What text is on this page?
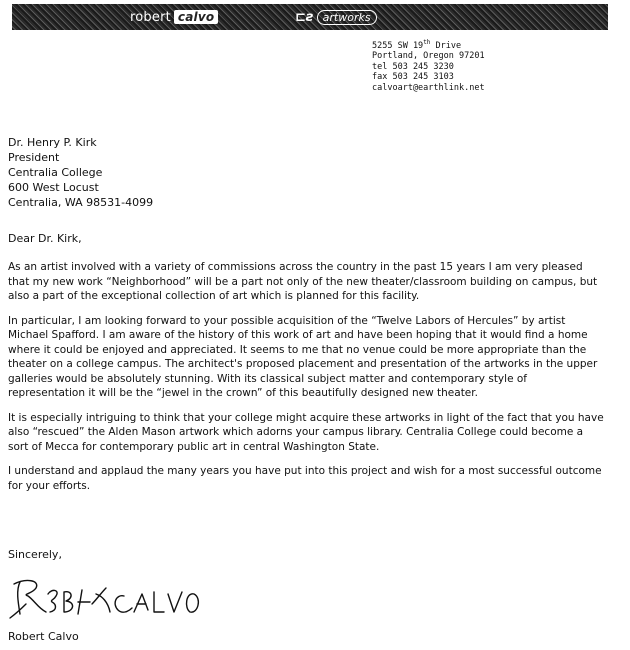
robert calvo	⊏ƨ artworks
5255 SW 19th Drive
Portland, Oregon 97201
tel 503 245 3230
fax 503 245 3103
calvoart@earthlink.net
Dr. Henry P. Kirk
President
Centralia College
600 West Locust
Centralia, WA 98531-4099
Dear Dr. Kirk,

As an artist involved with a variety of commissions across the country in the past 15 years I am very pleased that my new work “Neighborhood” will be a part not only of the new theater/classroom building on campus, but also a part of the exceptional collection of art which is planned for this facility.

In particular, I am looking forward to your possible acquisition of the “Twelve Labors of Hercules” by artist Michael Spafford. I am aware of the history of this work of art and have been hoping that it would find a home where it could be enjoyed and appreciated. It seems to me that no venue could be more appropriate than the theater on a college campus. The architect's proposed placement and presentation of the artworks in the upper galleries would be absolutely stunning. With its classical subject matter and contemporary style of representation it will be the “jewel in the crown” of this beautifully designed new theater.

It is especially intriguing to think that your college might acquire these artworks in light of the fact that you have also “rescued” the Alden Mason artwork which adorns your campus library. Centralia College could become a sort of Mecca for contemporary public art in central Washington State.

I understand and applaud the many years you have put into this project and wish for a most successful outcome for your efforts.

Sincerely,
Robert Calvo
